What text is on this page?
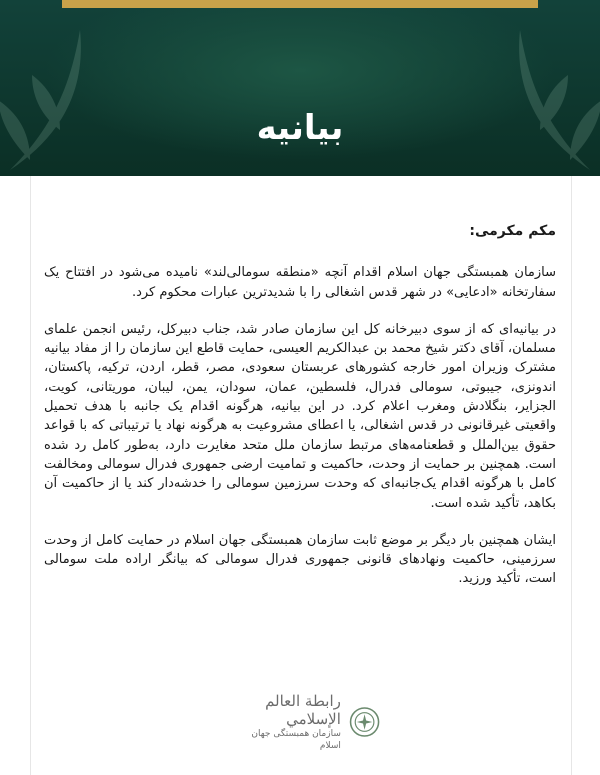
بیانیه

مکم مکرمی:

سازمان همبستگی جهان اسلام اقدام آنچه «منطقه سومالی‌لند» نامیده می‌شود در افتتاح یک سفارتخانه «ادعایی» در شهر قدس اشغالی را با شدیدترین عبارات محکوم کرد.

در بیانیه‌ای که از سوی دبیرخانه کل این سازمان صادر شد، جناب دبیرکل، رئیس انجمن علمای مسلمان، آقای دکتر شیخ محمد بن عبدالکریم العیسی، حمایت قاطع این سازمان را از مفاد بیانیه مشترک وزیران امور خارجه کشورهای عربستان سعودی، مصر، قطر، اردن، ترکیه، پاکستان، اندونزی، جیبوتی، سومالی فدرال، فلسطین، عمان، سودان، یمن، لیبان، موریتانی، کویت، الجزایر، بنگلادش ومغرب اعلام کرد. در این بیانیه، هرگونه اقدام یک جانبه با هدف تحمیل واقعیتی غیرقانونی در قدس اشغالی، یا اعطای مشروعیت به هرگونه نهاد یا ترتیباتی که با قواعد حقوق بین‌الملل و قطعنامه‌های مرتبط سازمان ملل متحد مغایرت دارد، به‌طور کامل رد شده است. همچنین بر حمایت از وحدت، حاکمیت و تمامیت ارضی جمهوری فدرال سومالی ومخالفت کامل با هرگونه اقدام یک‌جانبه‌ای که وحدت سرزمین سومالی را خدشه‌دار کند یا از حاکمیت آن بکاهد، تأکید شده است.

ایشان همچنین بار دیگر بر موضع ثابت سازمان همبستگی جهان اسلام در حمایت کامل از وحدت سرزمینی، حاکمیت ونهادهای قانونی جمهوری فدرال سومالی که بیانگر اراده ملت سومالی است، تأکید ورزید.

رابطة العالم الإسلامي
سازمان همبستگی جهان اسلام
